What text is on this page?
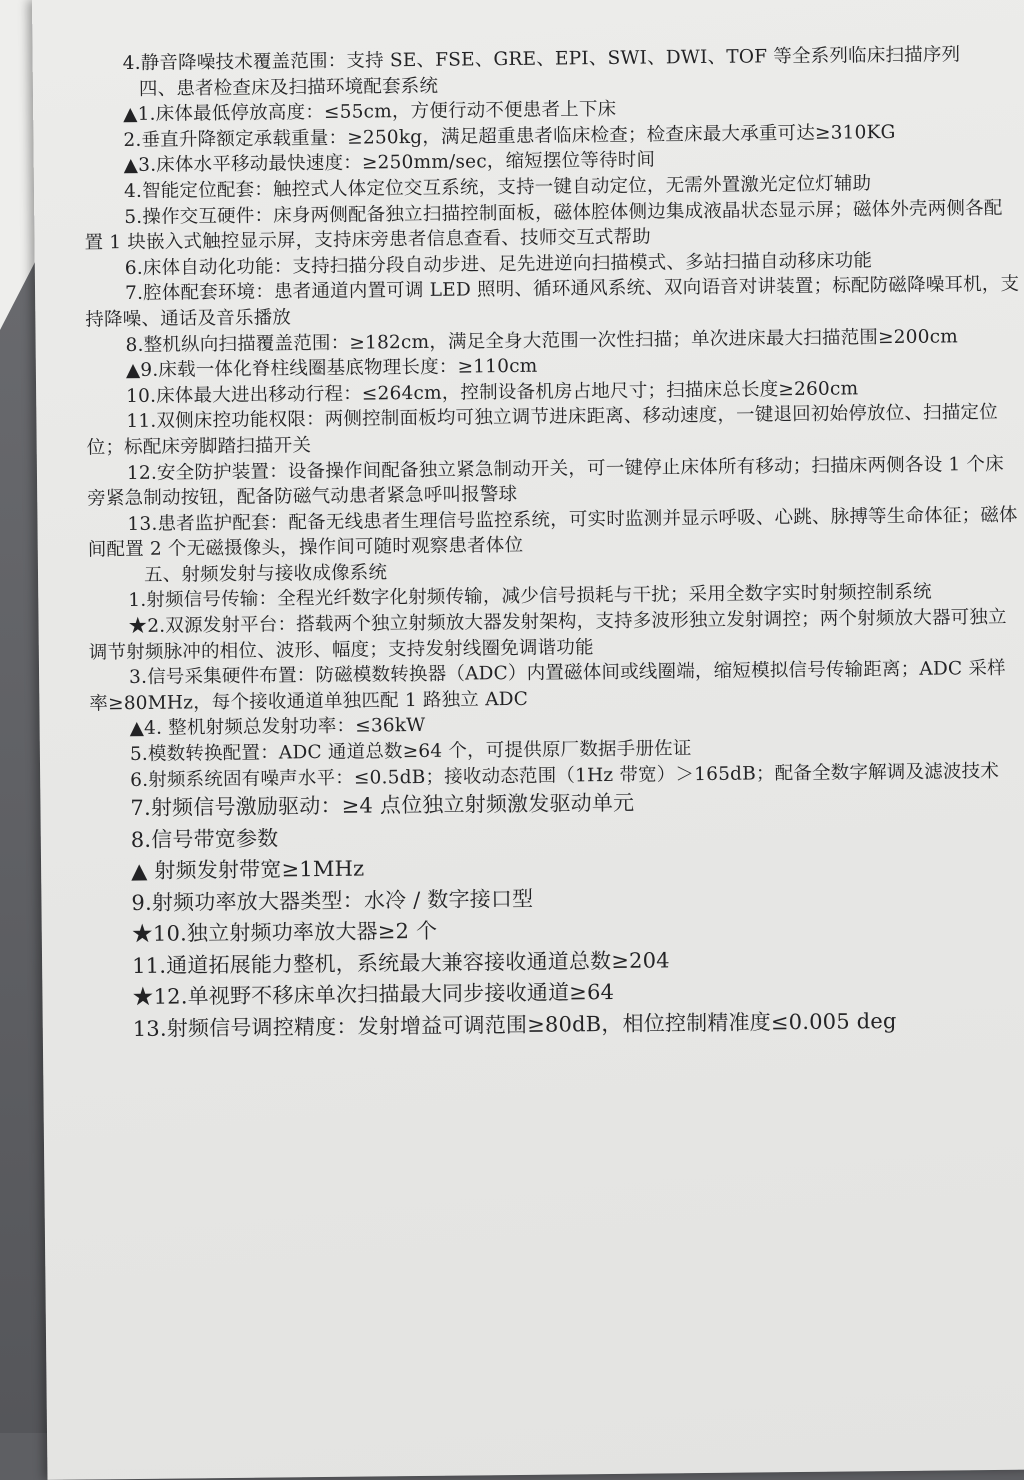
4.静音降噪技术覆盖范围：支持 SE、FSE、GRE、EPI、SWI、DWI、TOF 等全系列临床扫描序列

四、患者检查床及扫描环境配套系统

▲1.床体最低停放高度：≤55cm，方便行动不便患者上下床

2.垂直升降额定承载重量：≥250kg，满足超重患者临床检查；检查床最大承重可达≥310KG

▲3.床体水平移动最快速度：≥250mm/sec，缩短摆位等待时间

4.智能定位配套：触控式人体定位交互系统，支持一键自动定位，无需外置激光定位灯辅助

5.操作交互硬件：床身两侧配备独立扫描控制面板，磁体腔体侧边集成液晶状态显示屏；磁体外壳两侧各配置 1 块嵌入式触控显示屏，支持床旁患者信息查看、技师交互式帮助

6.床体自动化功能：支持扫描分段自动步进、足先进逆向扫描模式、多站扫描自动移床功能

7.腔体配套环境：患者通道内置可调 LED 照明、循环通风系统、双向语音对讲装置；标配防磁降噪耳机，支持降噪、通话及音乐播放

8.整机纵向扫描覆盖范围：≥182cm，满足全身大范围一次性扫描；单次进床最大扫描范围≥200cm

▲9.床载一体化脊柱线圈基底物理长度：≥110cm

10.床体最大进出移动行程：≤264cm，控制设备机房占地尺寸；扫描床总长度≥260cm

11.双侧床控功能权限：两侧控制面板均可独立调节进床距离、移动速度，一键退回初始停放位、扫描定位位；标配床旁脚踏扫描开关

12.安全防护装置：设备操作间配备独立紧急制动开关，可一键停止床体所有移动；扫描床两侧各设 1 个床旁紧急制动按钮，配备防磁气动患者紧急呼叫报警球

13.患者监护配套：配备无线患者生理信号监控系统，可实时监测并显示呼吸、心跳、脉搏等生命体征；磁体间配置 2 个无磁摄像头，操作间可随时观察患者体位

五、射频发射与接收成像系统

1.射频信号传输：全程光纤数字化射频传输，减少信号损耗与干扰；采用全数字实时射频控制系统

★2.双源发射平台：搭载两个独立射频放大器发射架构，支持多波形独立发射调控；两个射频放大器可独立调节射频脉冲的相位、波形、幅度；支持发射线圈免调谐功能

3.信号采集硬件布置：防磁模数转换器（ADC）内置磁体间或线圈端，缩短模拟信号传输距离；ADC 采样率≥80MHz，每个接收通道单独匹配 1 路独立 ADC

▲4. 整机射频总发射功率：≤36kW

5.模数转换配置：ADC 通道总数≥64 个，可提供原厂数据手册佐证

6.射频系统固有噪声水平：≤0.5dB；接收动态范围（1Hz 带宽）＞165dB；配备全数字解调及滤波技术

7.射频信号激励驱动：≥4 点位独立射频激发驱动单元

8.信号带宽参数

▲ 射频发射带宽≥1MHz

9.射频功率放大器类型：水冷 / 数字接口型

★10.独立射频功率放大器≥2 个

11.通道拓展能力整机，系统最大兼容接收通道总数≥204

★12.单视野不移床单次扫描最大同步接收通道≥64

13.射频信号调控精度：发射增益可调范围≥80dB，相位控制精准度≤0.005 deg
